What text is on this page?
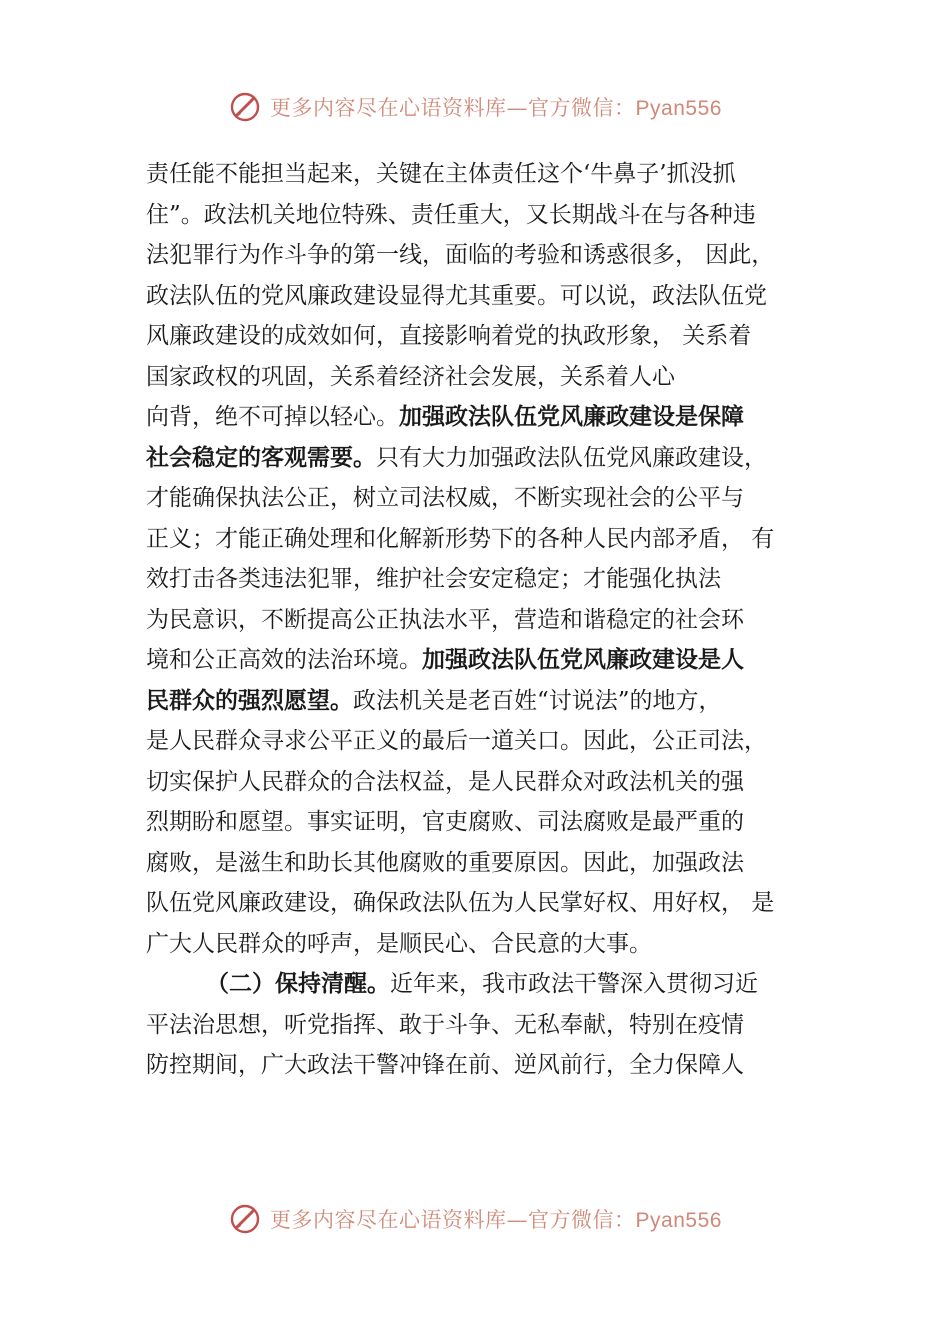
更多内容尽在心语资料库—官方微信：Pyan556
责任能不能担当起来，关键在主体责任这个‘牛鼻子’抓没抓
住”。政法机关地位特殊、责任重大，又长期战斗在与各种违
法犯罪行为作斗争的第一线，面临的考验和诱惑很多， 因此，
政法队伍的党风廉政建设显得尤其重要。可以说，政法队伍党
风廉政建设的成效如何，直接影响着党的执政形象， 关系着
国家政权的巩固，关系着经济社会发展，关系着人心
向背，绝不可掉以轻心。加强政法队伍党风廉政建设是保障
社会稳定的客观需要。只有大力加强政法队伍党风廉政建设，
才能确保执法公正，树立司法权威，不断实现社会的公平与
正义；才能正确处理和化解新形势下的各种人民内部矛盾， 有
效打击各类违法犯罪，维护社会安定稳定；才能强化执法
为民意识，不断提高公正执法水平，营造和谐稳定的社会环
境和公正高效的法治环境。加强政法队伍党风廉政建设是人
民群众的强烈愿望。政法机关是老百姓“讨说法”的地方，
是人民群众寻求公平正义的最后一道关口。因此，公正司法，
切实保护人民群众的合法权益，是人民群众对政法机关的强
烈期盼和愿望。事实证明，官吏腐败、司法腐败是最严重的
腐败，是滋生和助长其他腐败的重要原因。因此，加强政法
队伍党风廉政建设，确保政法队伍为人民掌好权、用好权， 是
广大人民群众的呼声，是顺民心、合民意的大事。
（二）保持清醒。近年来，我市政法干警深入贯彻习近
平法治思想，听党指挥、敢于斗争、无私奉献，特别在疫情
防控期间，广大政法干警冲锋在前、逆风前行，全力保障人
更多内容尽在心语资料库—官方微信：Pyan556
